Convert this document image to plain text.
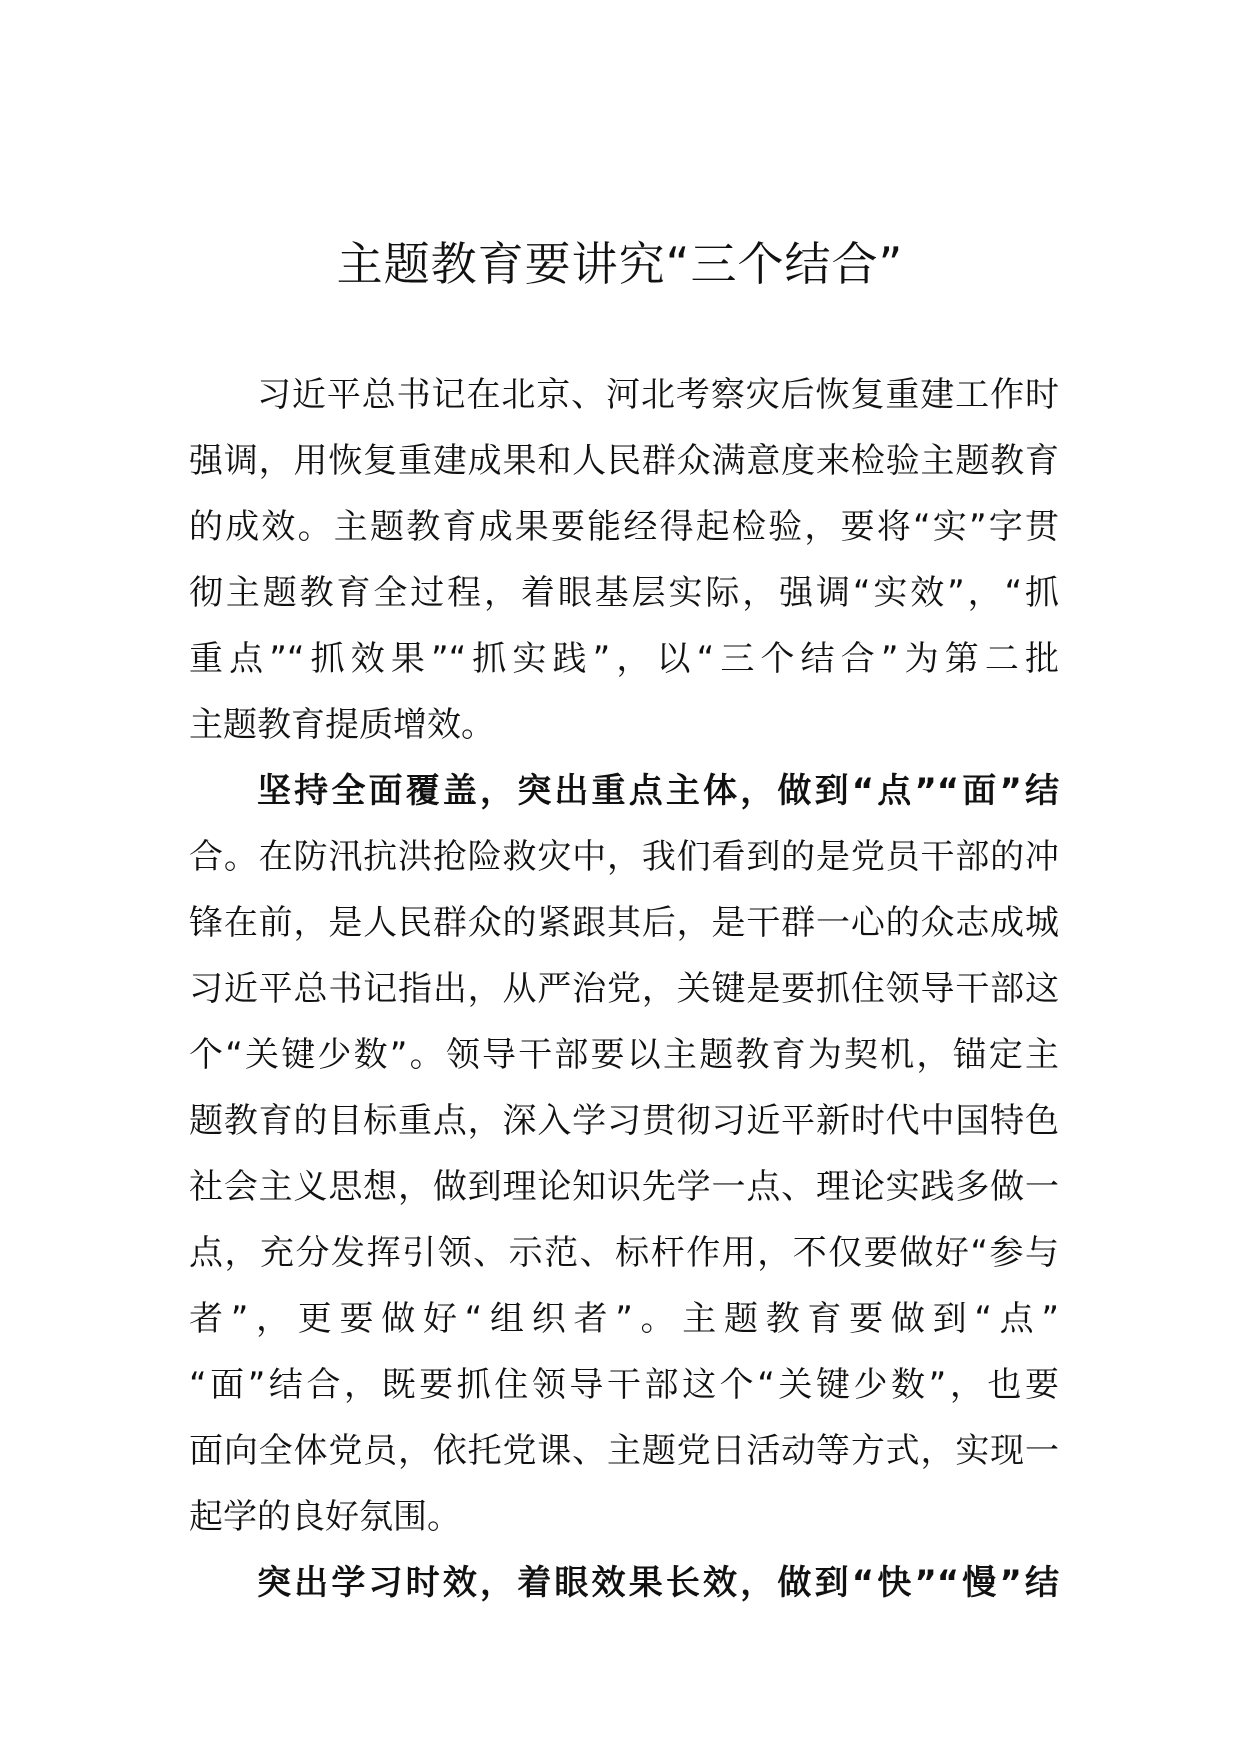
主题教育要讲究“三个结合”
习近平总书记在北京、河北考察灾后恢复重建工作时
强调，用恢复重建成果和人民群众满意度来检验主题教育
的成效。主题教育成果要能经得起检验，要将“实”字贯
彻主题教育全过程，着眼基层实际，强调“实效”，“抓
重点”“抓效果”“抓实践”，以“三个结合”为第二批
主题教育提质增效。
坚持全面覆盖，突出重点主体，做到“点”“面”结
合。在防汛抗洪抢险救灾中，我们看到的是党员干部的冲
锋在前，是人民群众的紧跟其后，是干群一心的众志成城
习近平总书记指出，从严治党，关键是要抓住领导干部这
个“关键少数”。领导干部要以主题教育为契机，锚定主
题教育的目标重点，深入学习贯彻习近平新时代中国特色
社会主义思想，做到理论知识先学一点、理论实践多做一
点，充分发挥引领、示范、标杆作用，不仅要做好“参与
者”，更要做好“组织者”。主题教育要做到“点”
“面”结合，既要抓住领导干部这个“关键少数”，也要
面向全体党员，依托党课、主题党日活动等方式，实现一
起学的良好氛围。
突出学习时效，着眼效果长效，做到“快”“慢”结
